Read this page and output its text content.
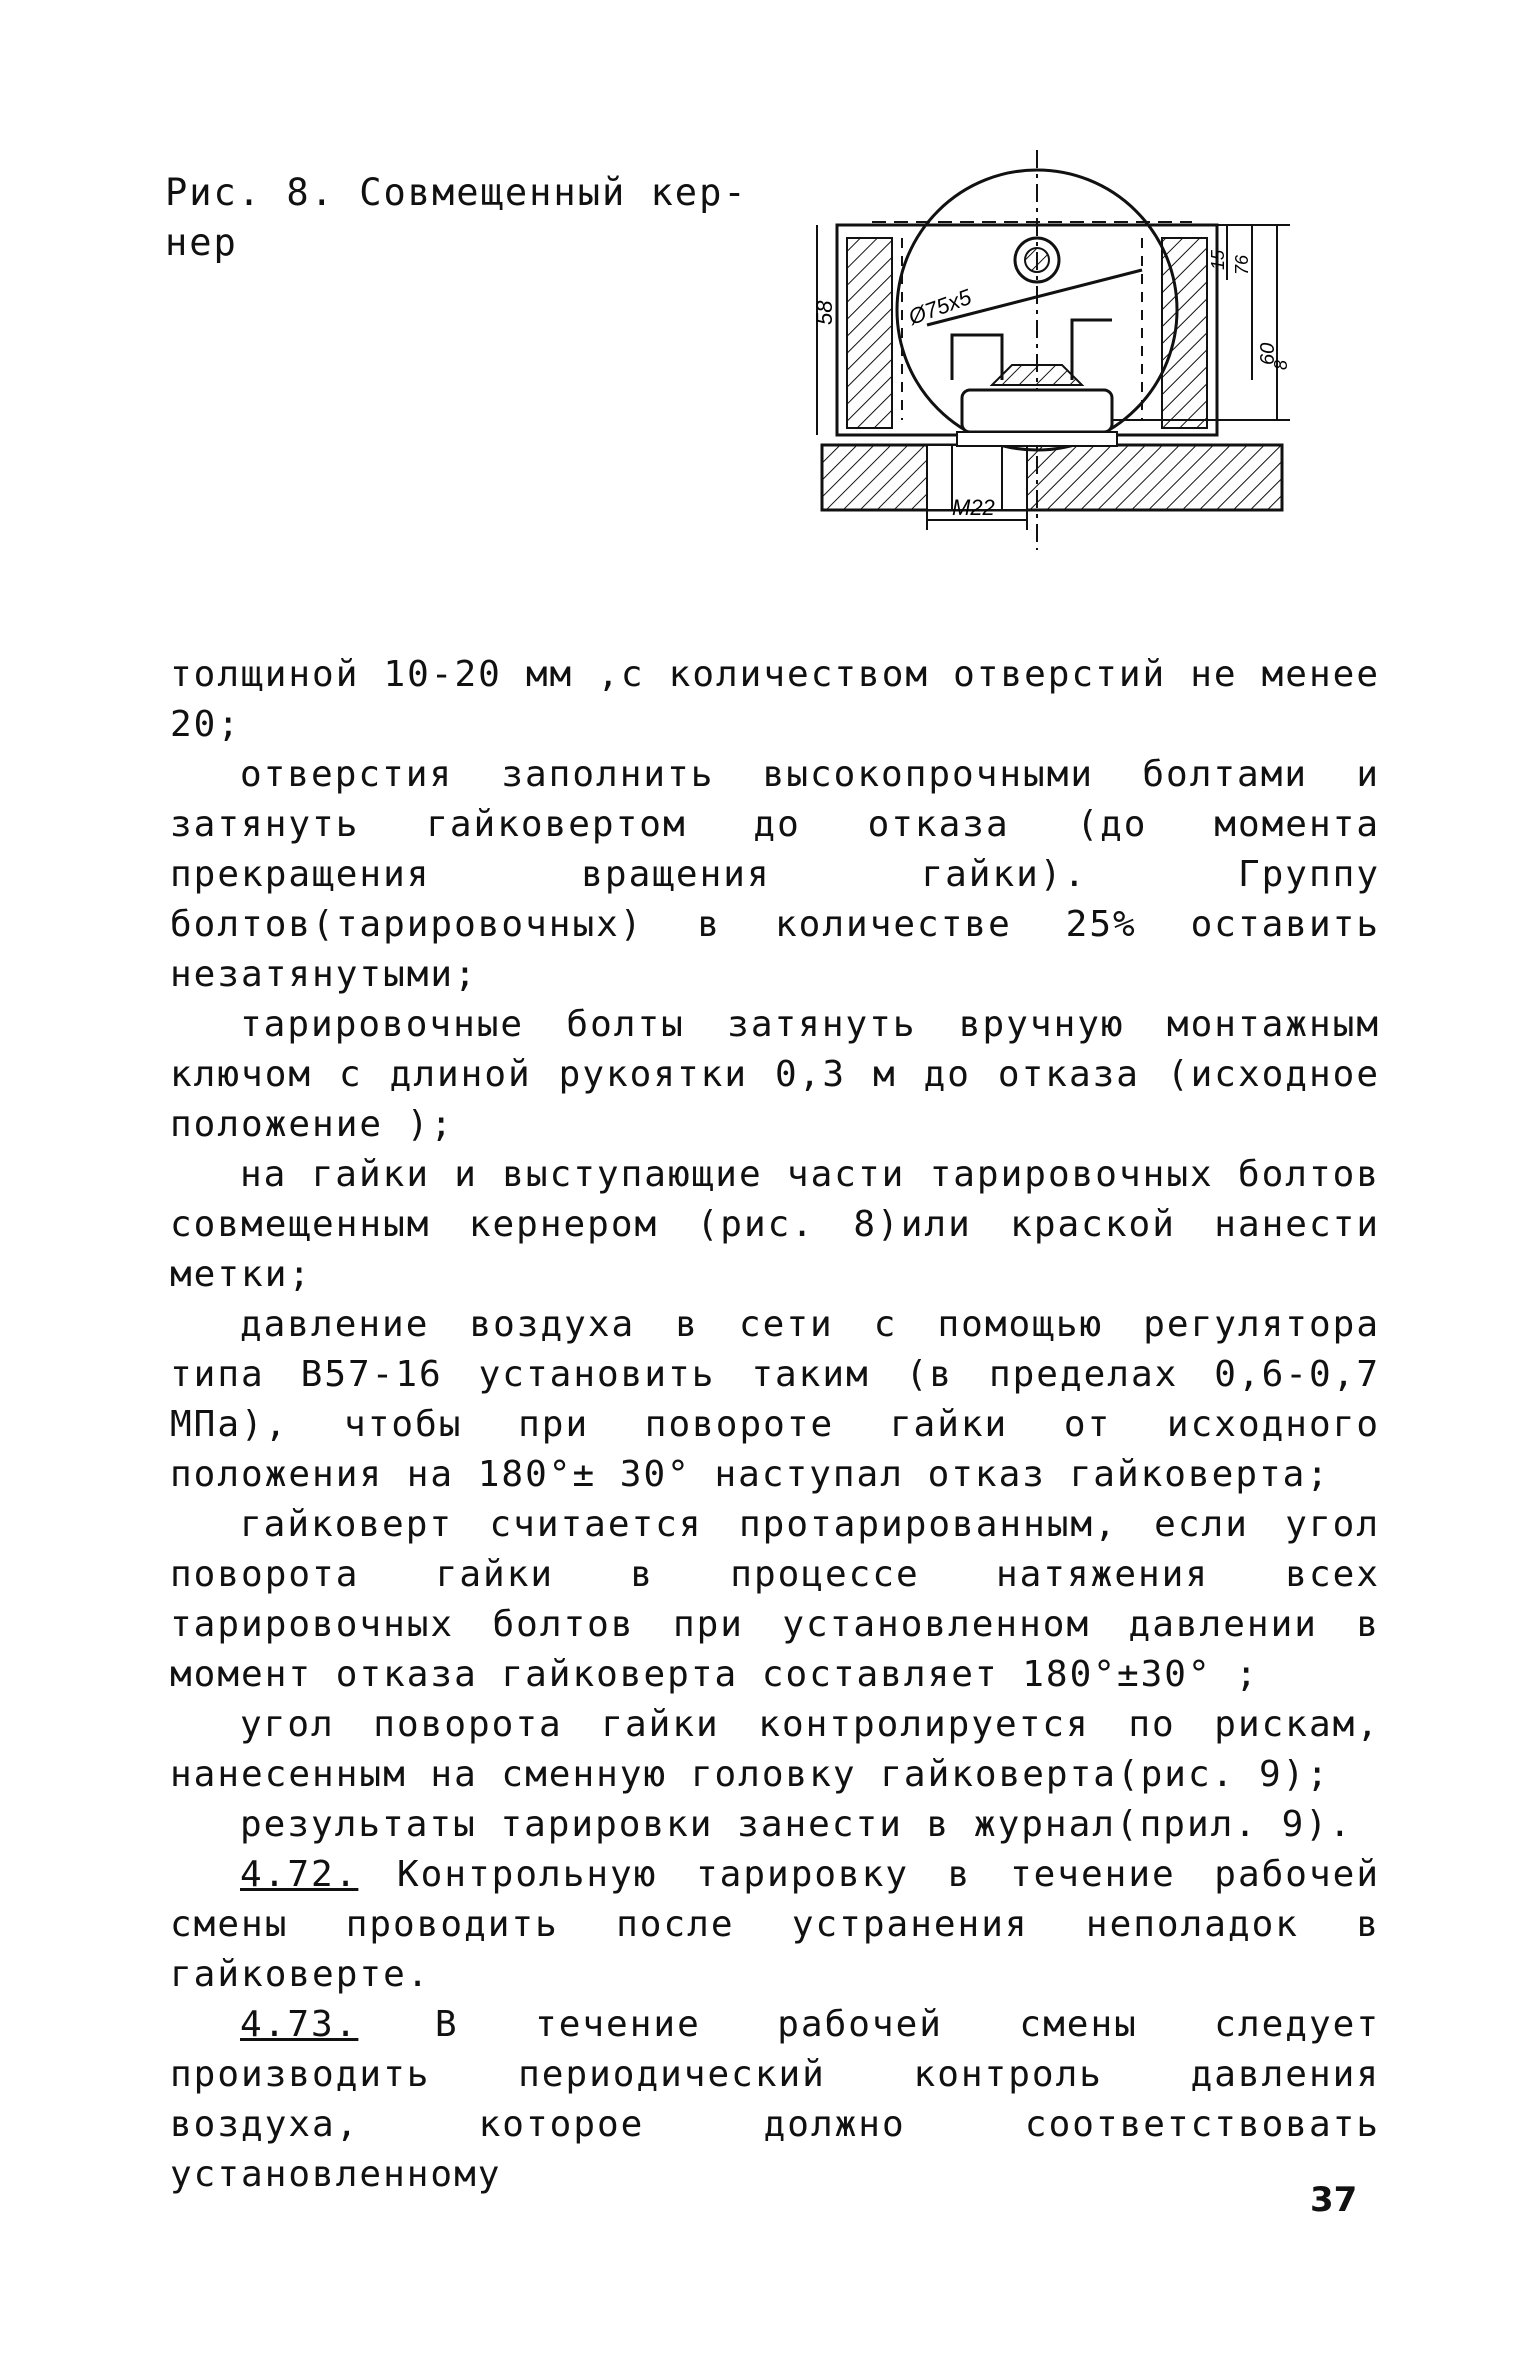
Рис. 8. Совмещенный кер-
нер
58
76
15
60
8
Ø75x5
M22

толщиной 10-20 мм ,с количеством отверстий не менее 20;

отверстия заполнить высокопрочными болтами и затянуть гайковертом до отказа (до момента прекращения вращения гайки). Группу болтов(тарировочных) в количестве 25% оставить незатянутыми;

тарировочные болты затянуть вручную монтажным ключом с длиной рукоятки 0,3 м до отказа (исходное положение );

на гайки и выступающие части тарировочных болтов совмещенным кернером (рис. 8)или краской нанести метки;

давление воздуха в сети с помощью регулятора типа В57-16 установить таким (в пределах 0,6-0,7 МПа), чтобы при повороте гайки от исходного положения на 180°± 30° наступал отказ гайковерта;

гайковерт считается протарированным, если угол поворота гайки в процессе натяжения всех тарировочных болтов при установленном давлении в момент отказа гайковерта составляет 180°±30° ;

угол поворота гайки контролируется по рискам, нанесенным на сменную головку гайковерта(рис. 9);

результаты тарировки занести в журнал(прил. 9).

4.72. Контрольную тарировку в течение рабочей смены проводить после устранения неполадок в гайковерте.

4.73. В течение рабочей смены следует производить периодический контроль давления воздуха, которое должно соответствовать установленному

37
